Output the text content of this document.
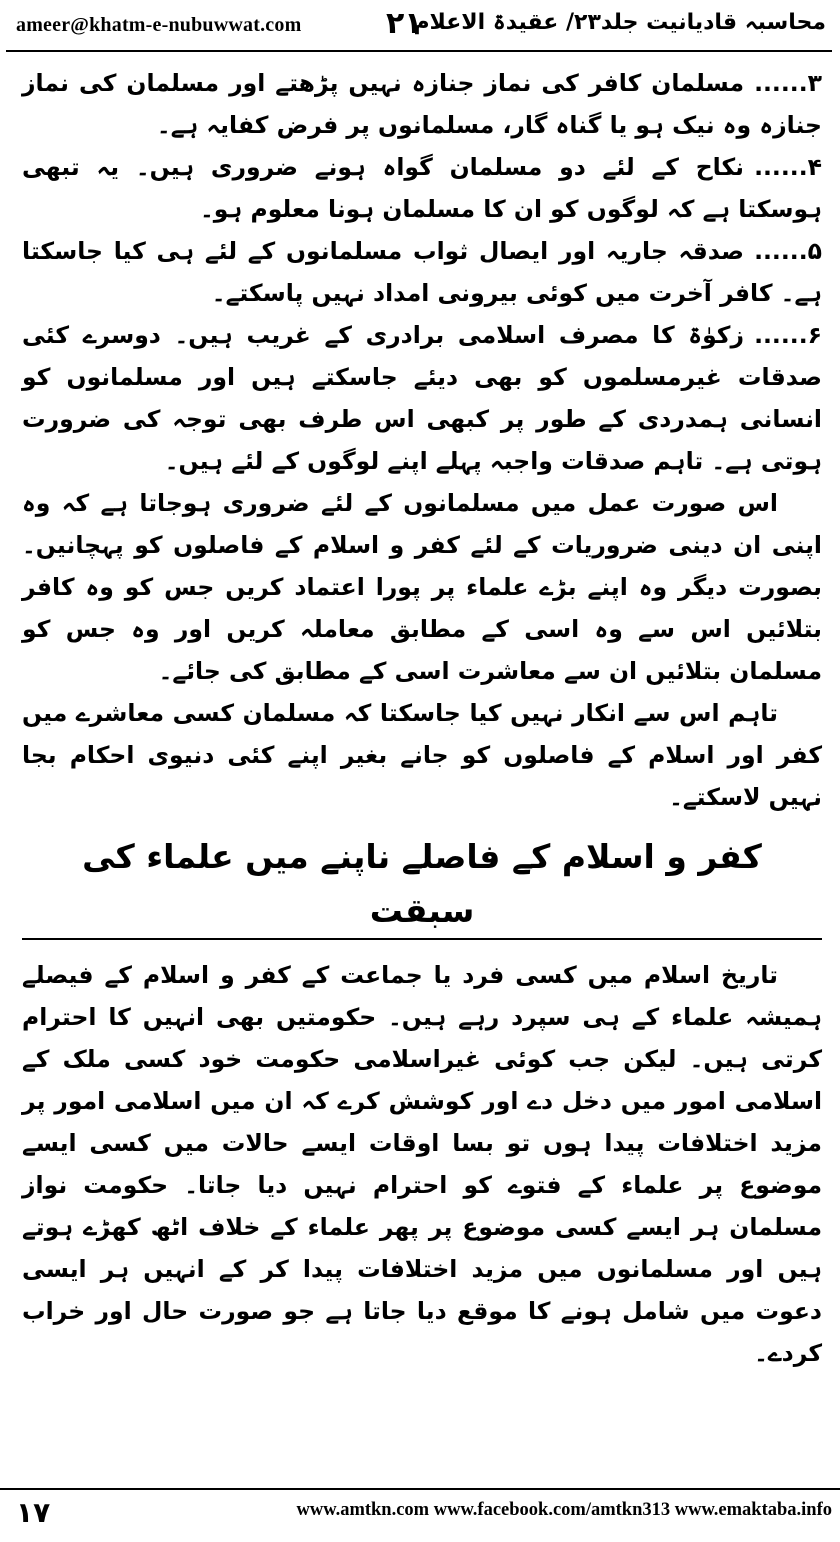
ameer@khatm-e-nubuwwat.com	۲۱
محاسبہ قادیانیت جلد۲۳/ عقیدۃ الاعلام

۳......مسلمان کافر کی نماز جنازہ نہیں پڑھتے اور مسلمان کی نماز جنازہ وہ نیک ہو یا گناہ گار، مسلمانوں پر فرض کفایہ ہے۔

۴......نکاح کے لئے دو مسلمان گواہ ہونے ضروری ہیں۔ یہ تبھی ہوسکتا ہے کہ لوگوں کو ان کا مسلمان ہونا معلوم ہو۔

۵......صدقہ جاریہ اور ایصال ثواب مسلمانوں کے لئے ہی کیا جاسکتا ہے۔ کافر آخرت میں کوئی بیرونی امداد نہیں پاسکتے۔

۶......زکوٰۃ کا مصرف اسلامی برادری کے غریب ہیں۔ دوسرے کئی صدقات غیرمسلموں کو بھی دیئے جاسکتے ہیں اور مسلمانوں کو انسانی ہمدردی کے طور پر کبھی اس طرف بھی توجہ کی ضرورت ہوتی ہے۔ تاہم صدقات واجبہ پہلے اپنے لوگوں کے لئے ہیں۔

اس صورت عمل میں مسلمانوں کے لئے ضروری ہوجاتا ہے کہ وہ اپنی ان دینی ضروریات کے لئے کفر و اسلام کے فاصلوں کو پہچانیں۔ بصورت دیگر وہ اپنے بڑے علماء پر پورا اعتماد کریں جس کو وہ کافر بتلائیں اس سے وہ اسی کے مطابق معاملہ کریں اور وہ جس کو مسلمان بتلائیں ان سے معاشرت اسی کے مطابق کی جائے۔

تاہم اس سے انکار نہیں کیا جاسکتا کہ مسلمان کسی معاشرے میں کفر اور اسلام کے فاصلوں کو جانے بغیر اپنے کئی دنیوی احکام بجا نہیں لاسکتے۔

کفر و اسلام کے فاصلے ناپنے میں علماء کی سبقت

تاریخ اسلام میں کسی فرد یا جماعت کے کفر و اسلام کے فیصلے ہمیشہ علماء کے ہی سپرد رہے ہیں۔ حکومتیں بھی انہیں کا احترام کرتی ہیں۔ لیکن جب کوئی غیراسلامی حکومت خود کسی ملک کے اسلامی امور میں دخل دے اور کوشش کرے کہ ان میں اسلامی امور پر مزید اختلافات پیدا ہوں تو بسا اوقات ایسے حالات میں کسی ایسے موضوع پر علماء کے فتوے کو احترام نہیں دیا جاتا۔ حکومت نواز مسلمان ہر ایسے کسی موضوع پر پھر علماء کے خلاف اٹھ کھڑے ہوتے ہیں اور مسلمانوں میں مزید اختلافات پیدا کر کے انہیں ہر ایسی دعوت میں شامل ہونے کا موقع دیا جاتا ہے جو صورت حال اور خراب کردے۔

۱۷	www.amtkn.com www.facebook.com/amtkn313 www.emaktaba.info
